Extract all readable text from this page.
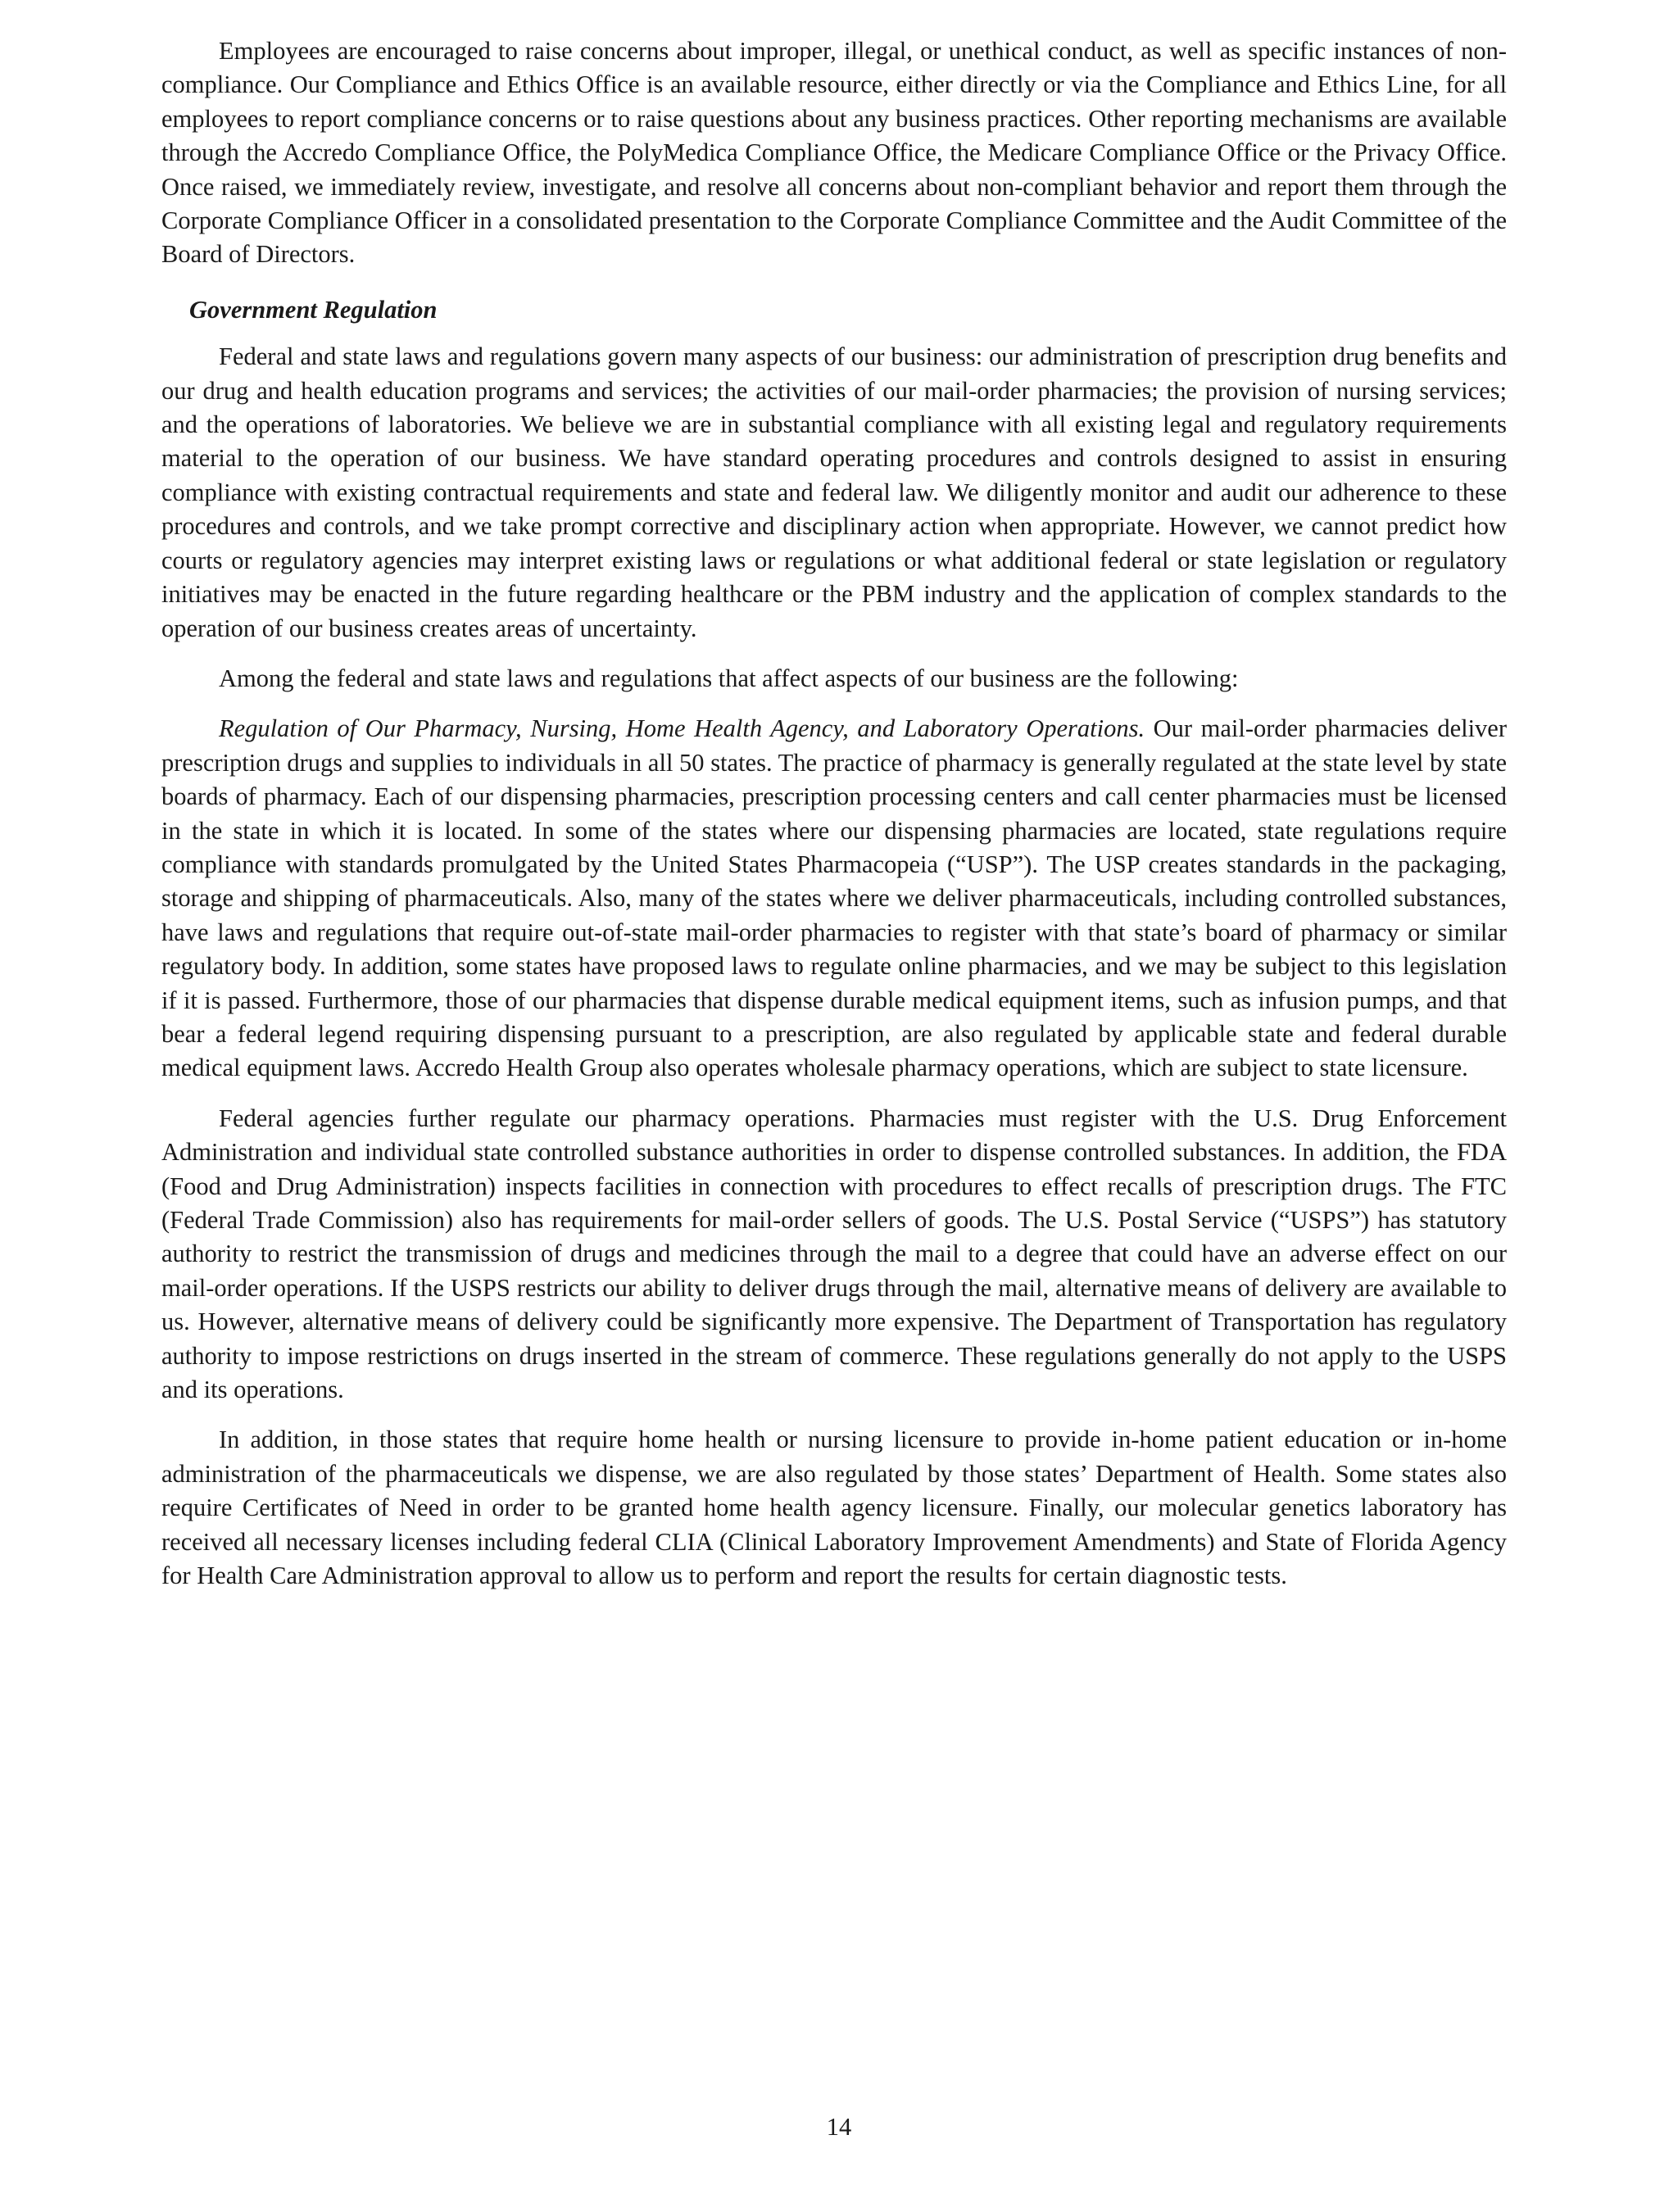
Employees are encouraged to raise concerns about improper, illegal, or unethical conduct, as well as specific instances of non-compliance. Our Compliance and Ethics Office is an available resource, either directly or via the Compliance and Ethics Line, for all employees to report compliance concerns or to raise questions about any business practices. Other reporting mechanisms are available through the Accredo Compliance Office, the PolyMedica Compliance Office, the Medicare Compliance Office or the Privacy Office. Once raised, we immediately review, investigate, and resolve all concerns about non-compliant behavior and report them through the Corporate Compliance Officer in a consolidated presentation to the Corporate Compliance Committee and the Audit Committee of the Board of Directors.

Government Regulation

Federal and state laws and regulations govern many aspects of our business: our administration of prescription drug benefits and our drug and health education programs and services; the activities of our mail-order pharmacies; the provision of nursing services; and the operations of laboratories. We believe we are in substantial compliance with all existing legal and regulatory requirements material to the operation of our business. We have standard operating procedures and controls designed to assist in ensuring compliance with existing contractual requirements and state and federal law. We diligently monitor and audit our adherence to these procedures and controls, and we take prompt corrective and disciplinary action when appropriate. However, we cannot predict how courts or regulatory agencies may interpret existing laws or regulations or what additional federal or state legislation or regulatory initiatives may be enacted in the future regarding healthcare or the PBM industry and the application of complex standards to the operation of our business creates areas of uncertainty.

Among the federal and state laws and regulations that affect aspects of our business are the following:

Regulation of Our Pharmacy, Nursing, Home Health Agency, and Laboratory Operations. Our mail-order pharmacies deliver prescription drugs and supplies to individuals in all 50 states. The practice of pharmacy is generally regulated at the state level by state boards of pharmacy. Each of our dispensing pharmacies, prescription processing centers and call center pharmacies must be licensed in the state in which it is located. In some of the states where our dispensing pharmacies are located, state regulations require compliance with standards promulgated by the United States Pharmacopeia (“USP”). The USP creates standards in the packaging, storage and shipping of pharmaceuticals. Also, many of the states where we deliver pharmaceuticals, including controlled substances, have laws and regulations that require out-of-state mail-order pharmacies to register with that state’s board of pharmacy or similar regulatory body. In addition, some states have proposed laws to regulate online pharmacies, and we may be subject to this legislation if it is passed. Furthermore, those of our pharmacies that dispense durable medical equipment items, such as infusion pumps, and that bear a federal legend requiring dispensing pursuant to a prescription, are also regulated by applicable state and federal durable medical equipment laws. Accredo Health Group also operates wholesale pharmacy operations, which are subject to state licensure.

Federal agencies further regulate our pharmacy operations. Pharmacies must register with the U.S. Drug Enforcement Administration and individual state controlled substance authorities in order to dispense controlled substances. In addition, the FDA (Food and Drug Administration) inspects facilities in connection with procedures to effect recalls of prescription drugs. The FTC (Federal Trade Commission) also has requirements for mail-order sellers of goods. The U.S. Postal Service (“USPS”) has statutory authority to restrict the transmission of drugs and medicines through the mail to a degree that could have an adverse effect on our mail-order operations. If the USPS restricts our ability to deliver drugs through the mail, alternative means of delivery are available to us. However, alternative means of delivery could be significantly more expensive. The Department of Transportation has regulatory authority to impose restrictions on drugs inserted in the stream of commerce. These regulations generally do not apply to the USPS and its operations.

In addition, in those states that require home health or nursing licensure to provide in-home patient education or in-home administration of the pharmaceuticals we dispense, we are also regulated by those states’ Department of Health. Some states also require Certificates of Need in order to be granted home health agency licensure. Finally, our molecular genetics laboratory has received all necessary licenses including federal CLIA (Clinical Laboratory Improvement Amendments) and State of Florida Agency for Health Care Administration approval to allow us to perform and report the results for certain diagnostic tests.

14
